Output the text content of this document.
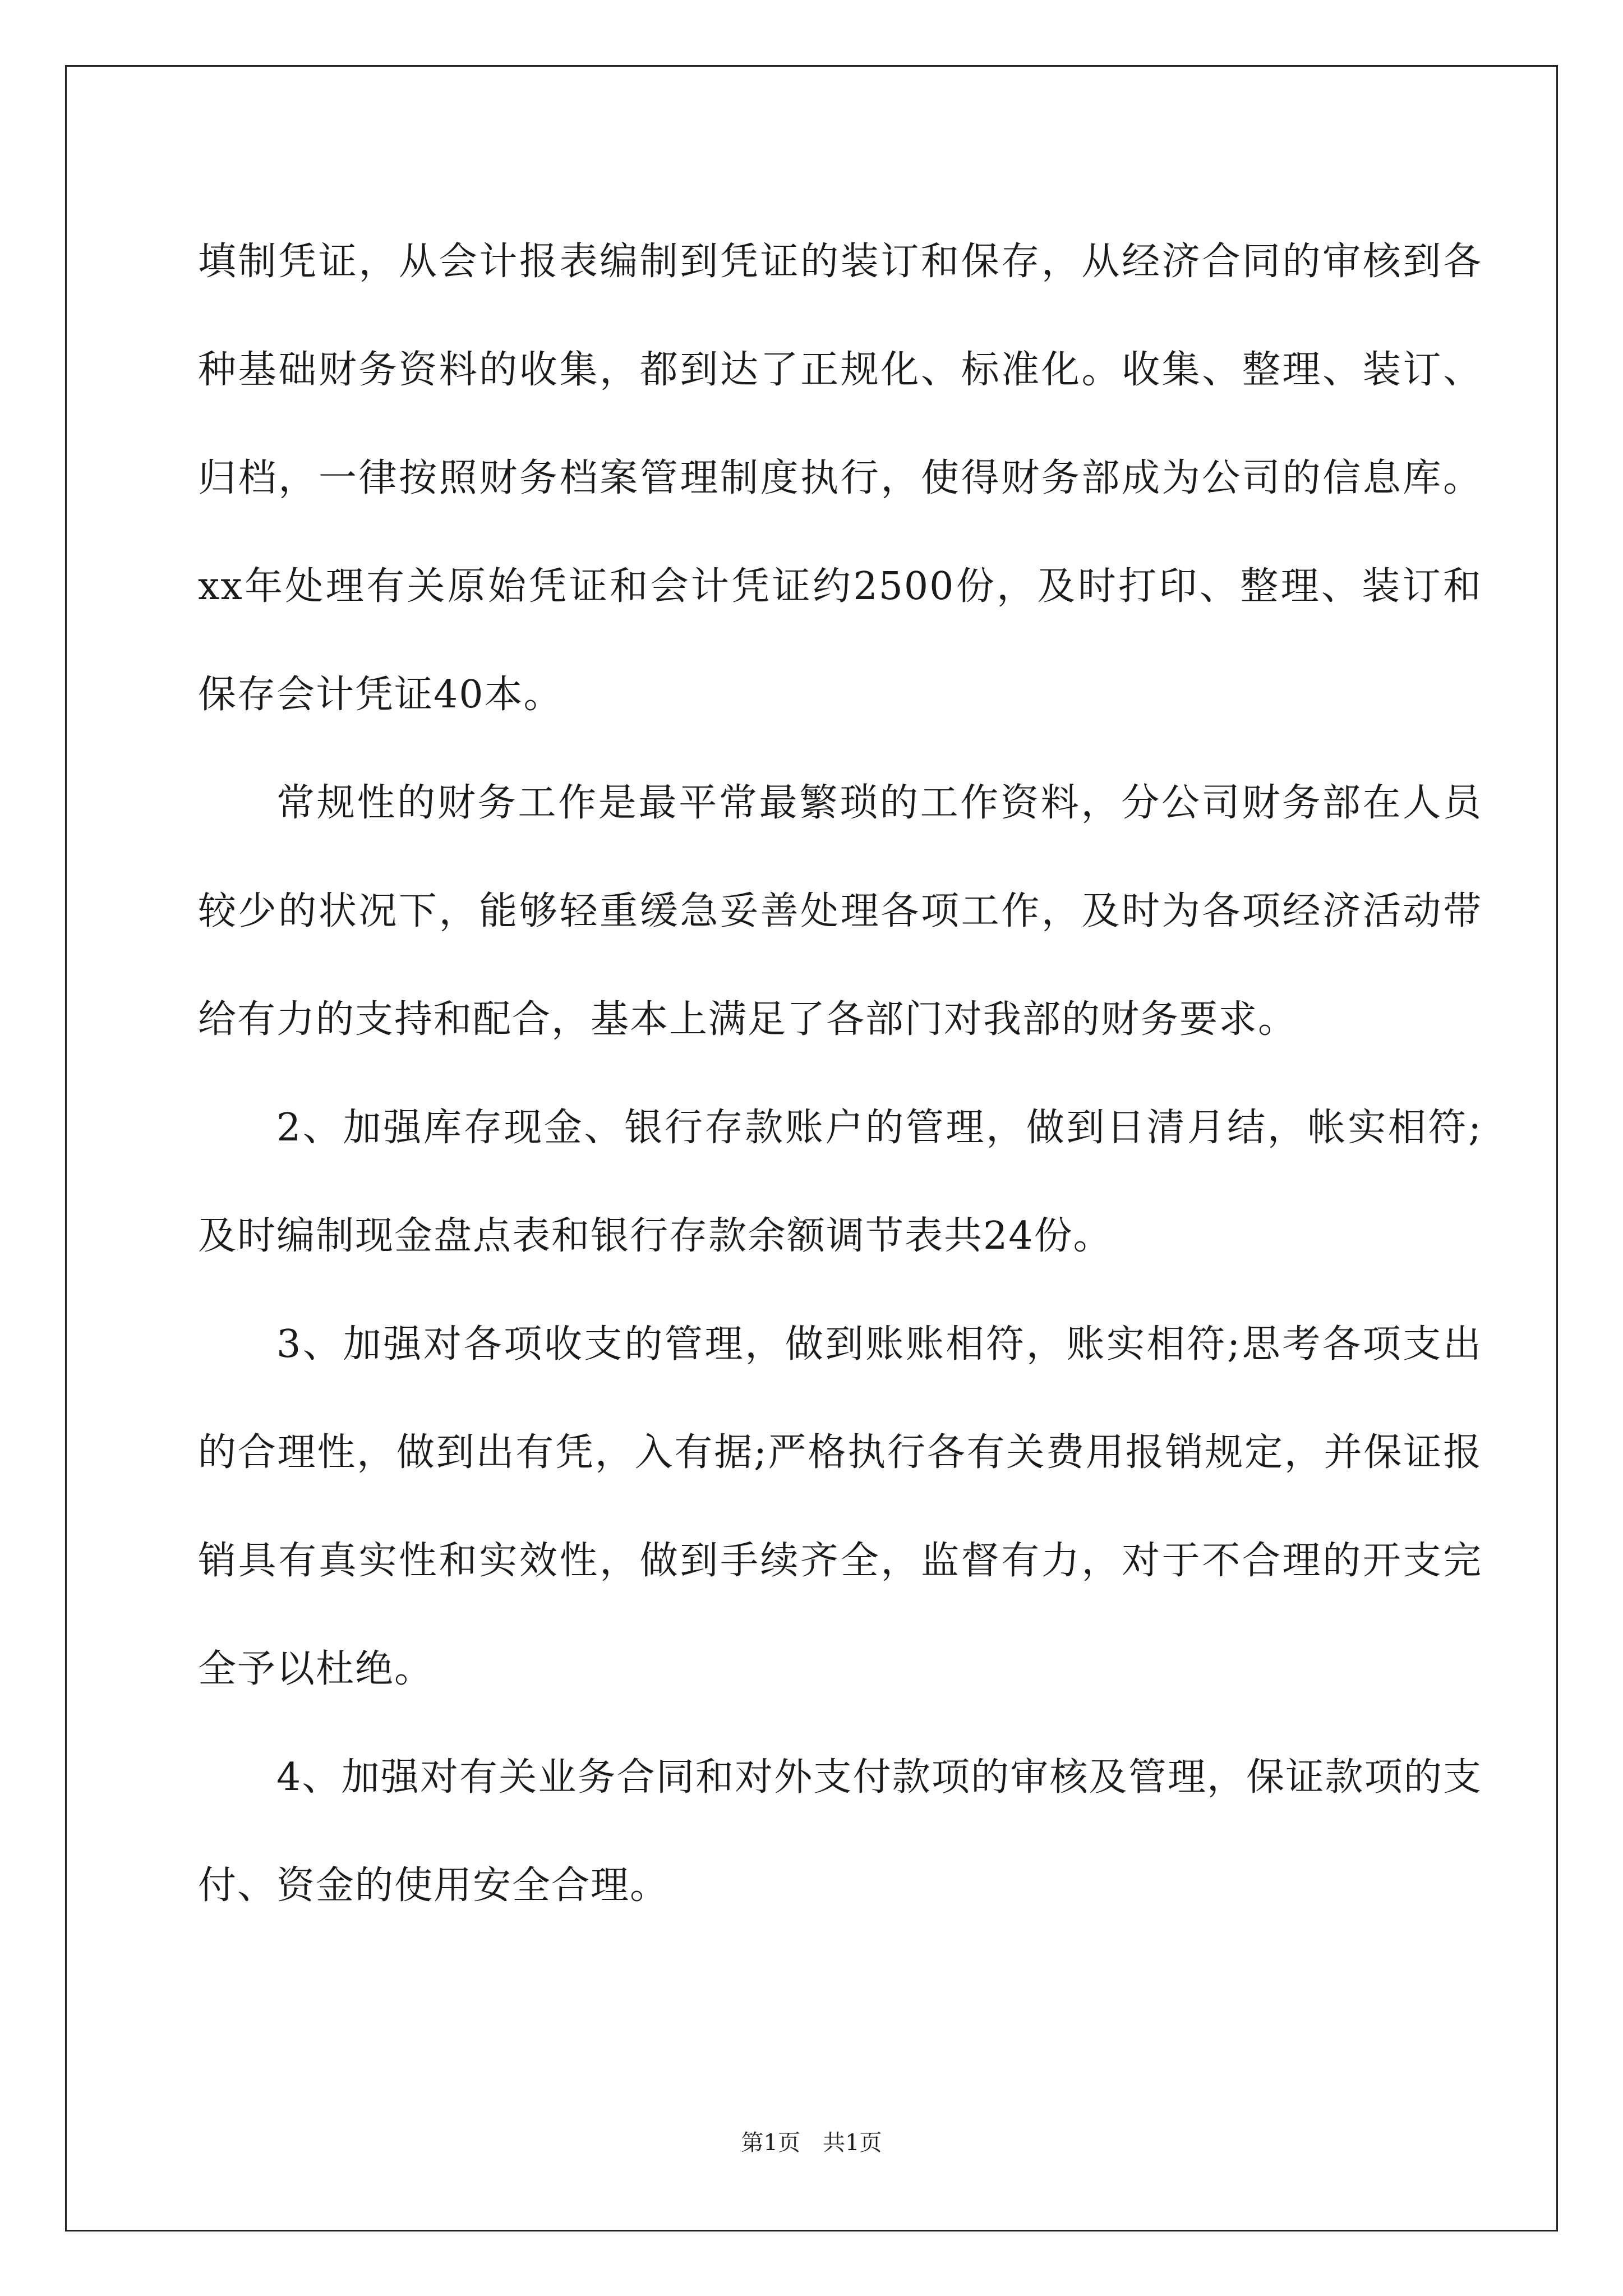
填制凭证，从会计报表编制到凭证的装订和保存，从经济合同的审核到各种基础财务资料的收集，都到达了正规化、标准化。收集、整理、装订、归档，一律按照财务档案管理制度执行，使得财务部成为公司的信息库。xx年处理有关原始凭证和会计凭证约2500份，及时打印、整理、装订和保存会计凭证40本。

常规性的财务工作是最平常最繁琐的工作资料，分公司财务部在人员较少的状况下，能够轻重缓急妥善处理各项工作，及时为各项经济活动带给有力的支持和配合，基本上满足了各部门对我部的财务要求。

2、加强库存现金、银行存款账户的管理，做到日清月结，帐实相符;及时编制现金盘点表和银行存款余额调节表共24份。

3、加强对各项收支的管理，做到账账相符，账实相符;思考各项支出的合理性，做到出有凭，入有据;严格执行各有关费用报销规定，并保证报销具有真实性和实效性，做到手续齐全，监督有力，对于不合理的开支完全予以杜绝。

4、加强对有关业务合同和对外支付款项的审核及管理，保证款项的支付、资金的使用安全合理。

第1页　共1页
